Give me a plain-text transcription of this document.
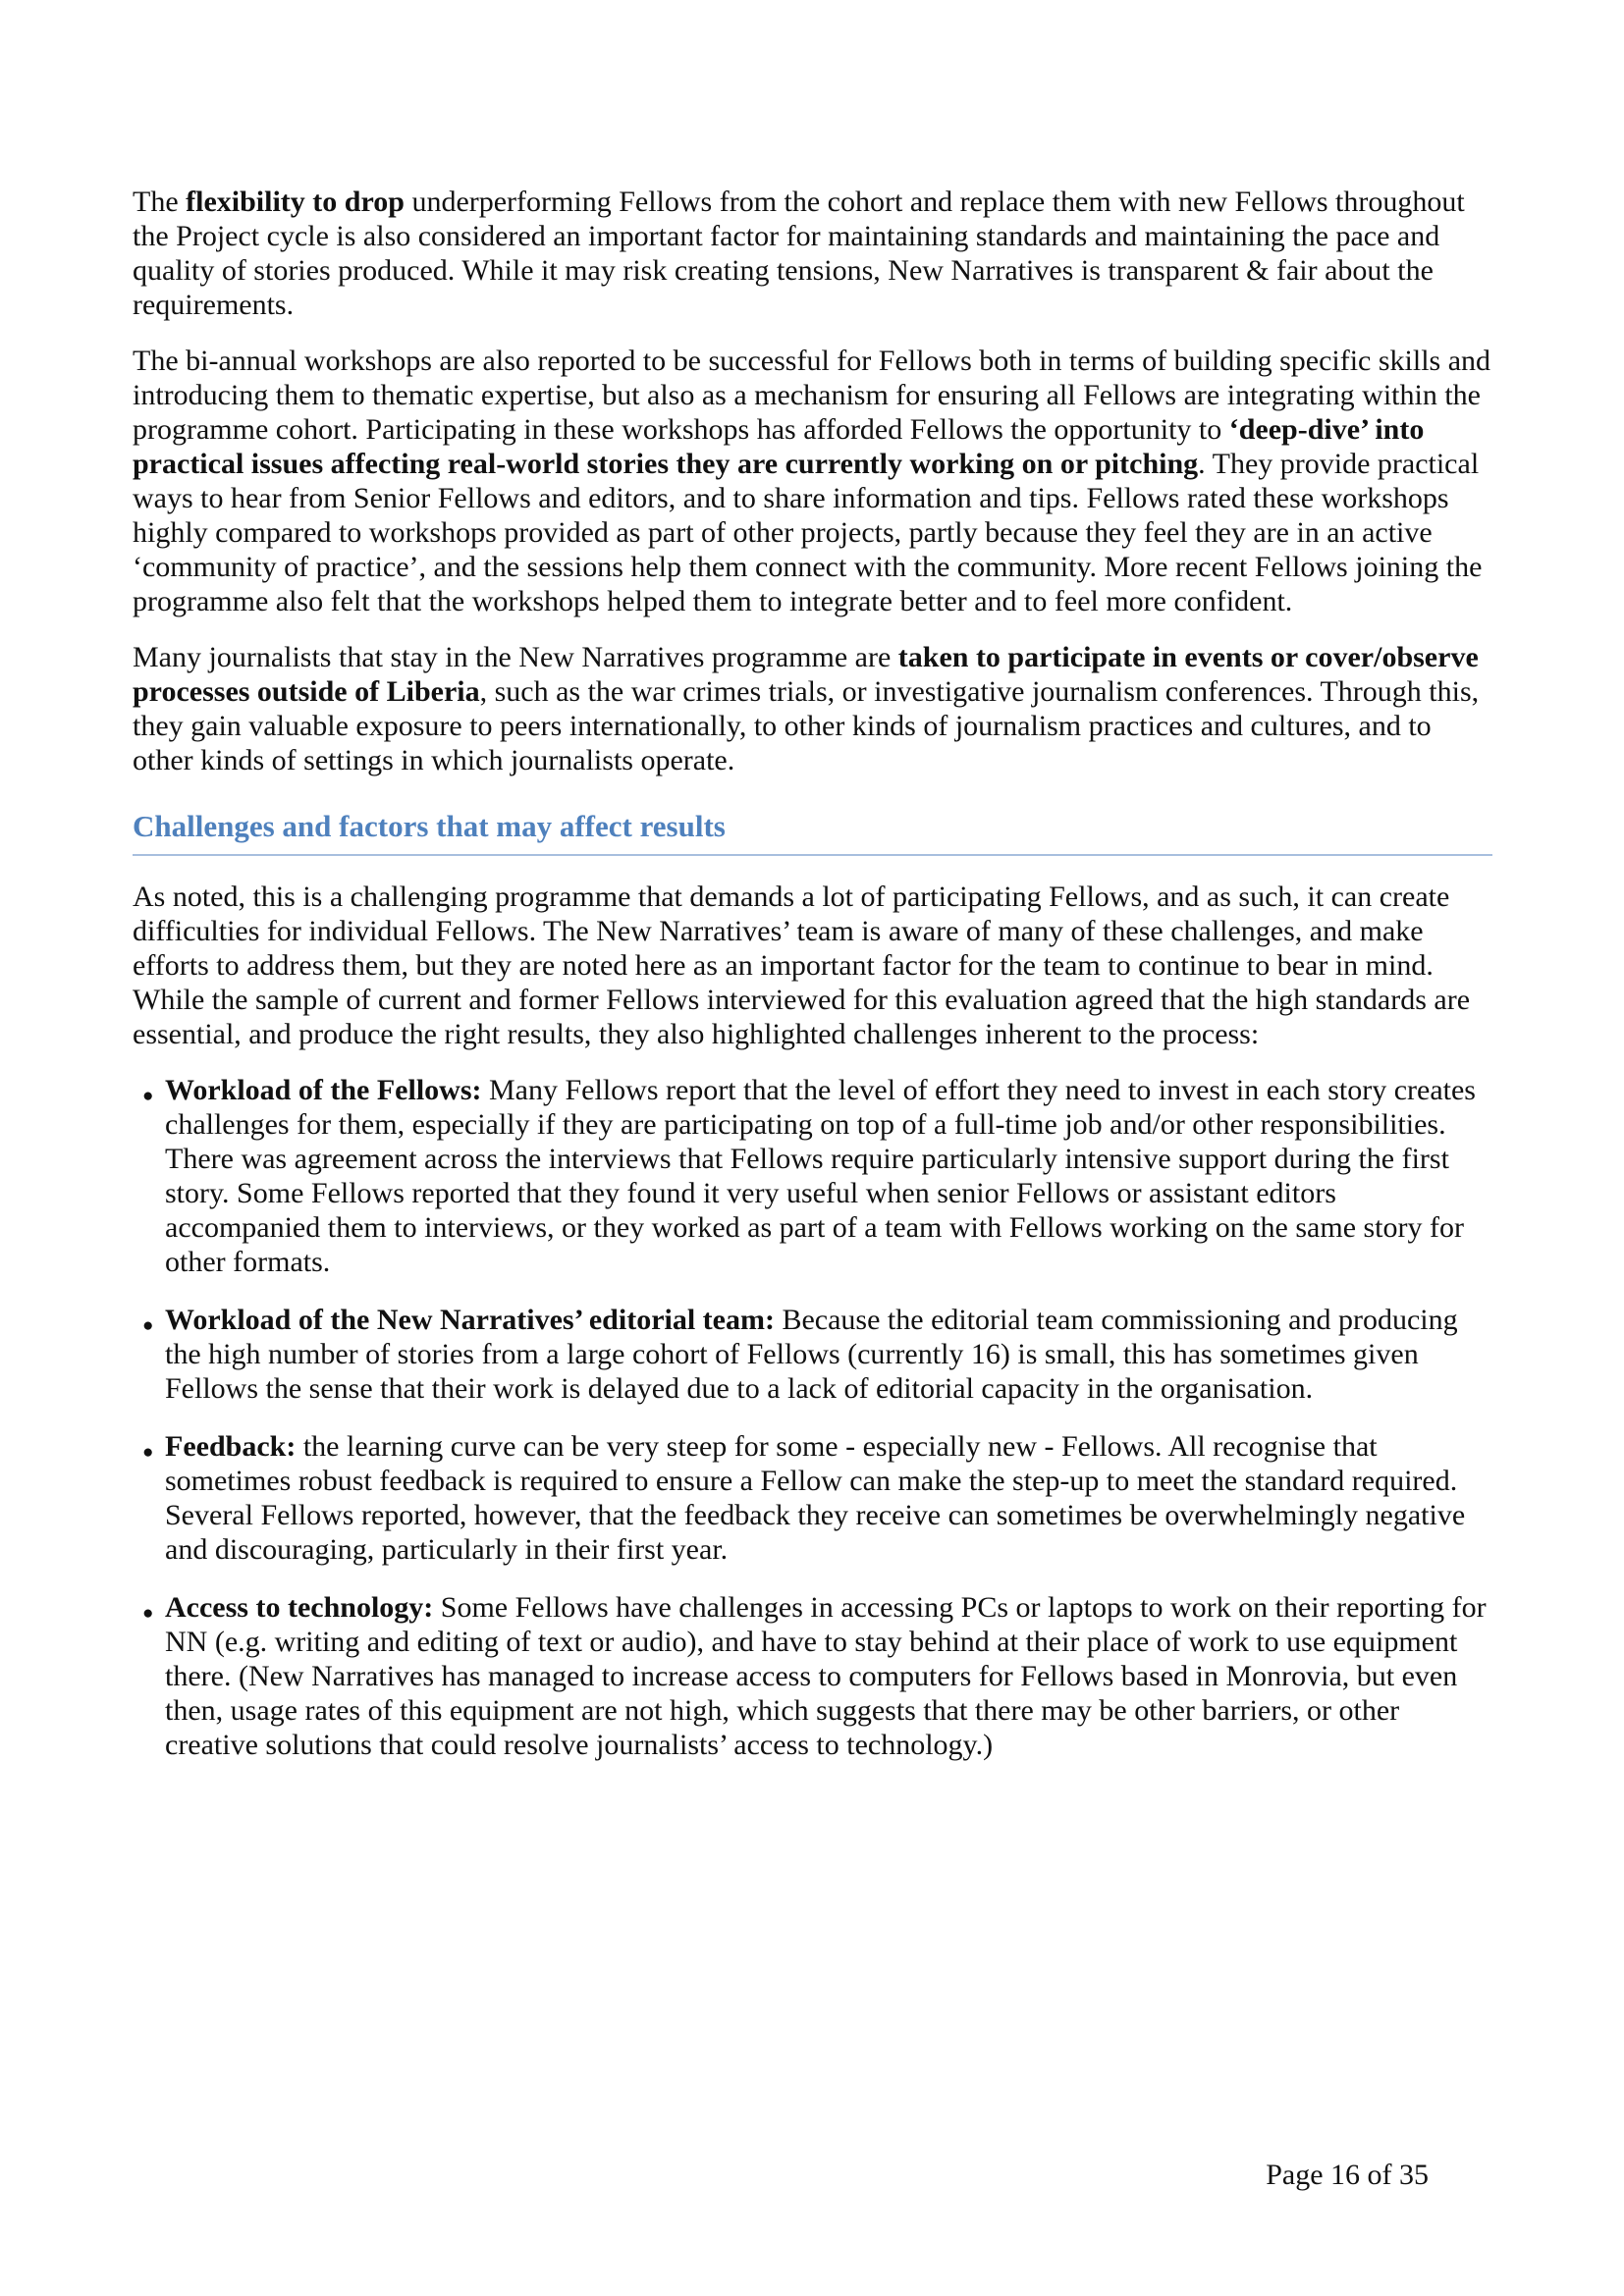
The flexibility to drop underperforming Fellows from the cohort and replace them with new Fellows throughout the Project cycle is also considered an important factor for maintaining standards and maintaining the pace and quality of stories produced. While it may risk creating tensions, New Narratives is transparent & fair about the requirements.

The bi-annual workshops are also reported to be successful for Fellows both in terms of building specific skills and introducing them to thematic expertise, but also as a mechanism for ensuring all Fellows are integrating within the programme cohort. Participating in these workshops has afforded Fellows the opportunity to ‘deep-dive’ into practical issues affecting real-world stories they are currently working on or pitching. They provide practical ways to hear from Senior Fellows and editors, and to share information and tips. Fellows rated these workshops highly compared to workshops provided as part of other projects, partly because they feel they are in an active ‘community of practice’, and the sessions help them connect with the community. More recent Fellows joining the programme also felt that the workshops helped them to integrate better and to feel more confident.

Many journalists that stay in the New Narratives programme are taken to participate in events or cover/observe processes outside of Liberia, such as the war crimes trials, or investigative journalism conferences. Through this, they gain valuable exposure to peers internationally, to other kinds of journalism practices and cultures, and to other kinds of settings in which journalists operate.

Challenges and factors that may affect results

As noted, this is a challenging programme that demands a lot of participating Fellows, and as such, it can create difficulties for individual Fellows. The New Narratives’ team is aware of many of these challenges, and make efforts to address them, but they are noted here as an important factor for the team to continue to bear in mind. While the sample of current and former Fellows interviewed for this evaluation agreed that the high standards are essential, and produce the right results, they also highlighted challenges inherent to the process:

● Workload of the Fellows: Many Fellows report that the level of effort they need to invest in each story creates challenges for them, especially if they are participating on top of a full-time job and/or other responsibilities. There was agreement across the interviews that Fellows require particularly intensive support during the first story. Some Fellows reported that they found it very useful when senior Fellows or assistant editors accompanied them to interviews, or they worked as part of a team with Fellows working on the same story for other formats.
● Workload of the New Narratives’ editorial team: Because the editorial team commissioning and producing the high number of stories from a large cohort of Fellows (currently 16) is small, this has sometimes given Fellows the sense that their work is delayed due to a lack of editorial capacity in the organisation.
● Feedback: the learning curve can be very steep for some - especially new - Fellows. All recognise that sometimes robust feedback is required to ensure a Fellow can make the step-up to meet the standard required. Several Fellows reported, however, that the feedback they receive can sometimes be overwhelmingly negative and discouraging, particularly in their first year.
● Access to technology: Some Fellows have challenges in accessing PCs or laptops to work on their reporting for NN (e.g. writing and editing of text or audio), and have to stay behind at their place of work to use equipment there. (New Narratives has managed to increase access to computers for Fellows based in Monrovia, but even then, usage rates of this equipment are not high, which suggests that there may be other barriers, or other creative solutions that could resolve journalists’ access to technology.)
Page 16 of 35
